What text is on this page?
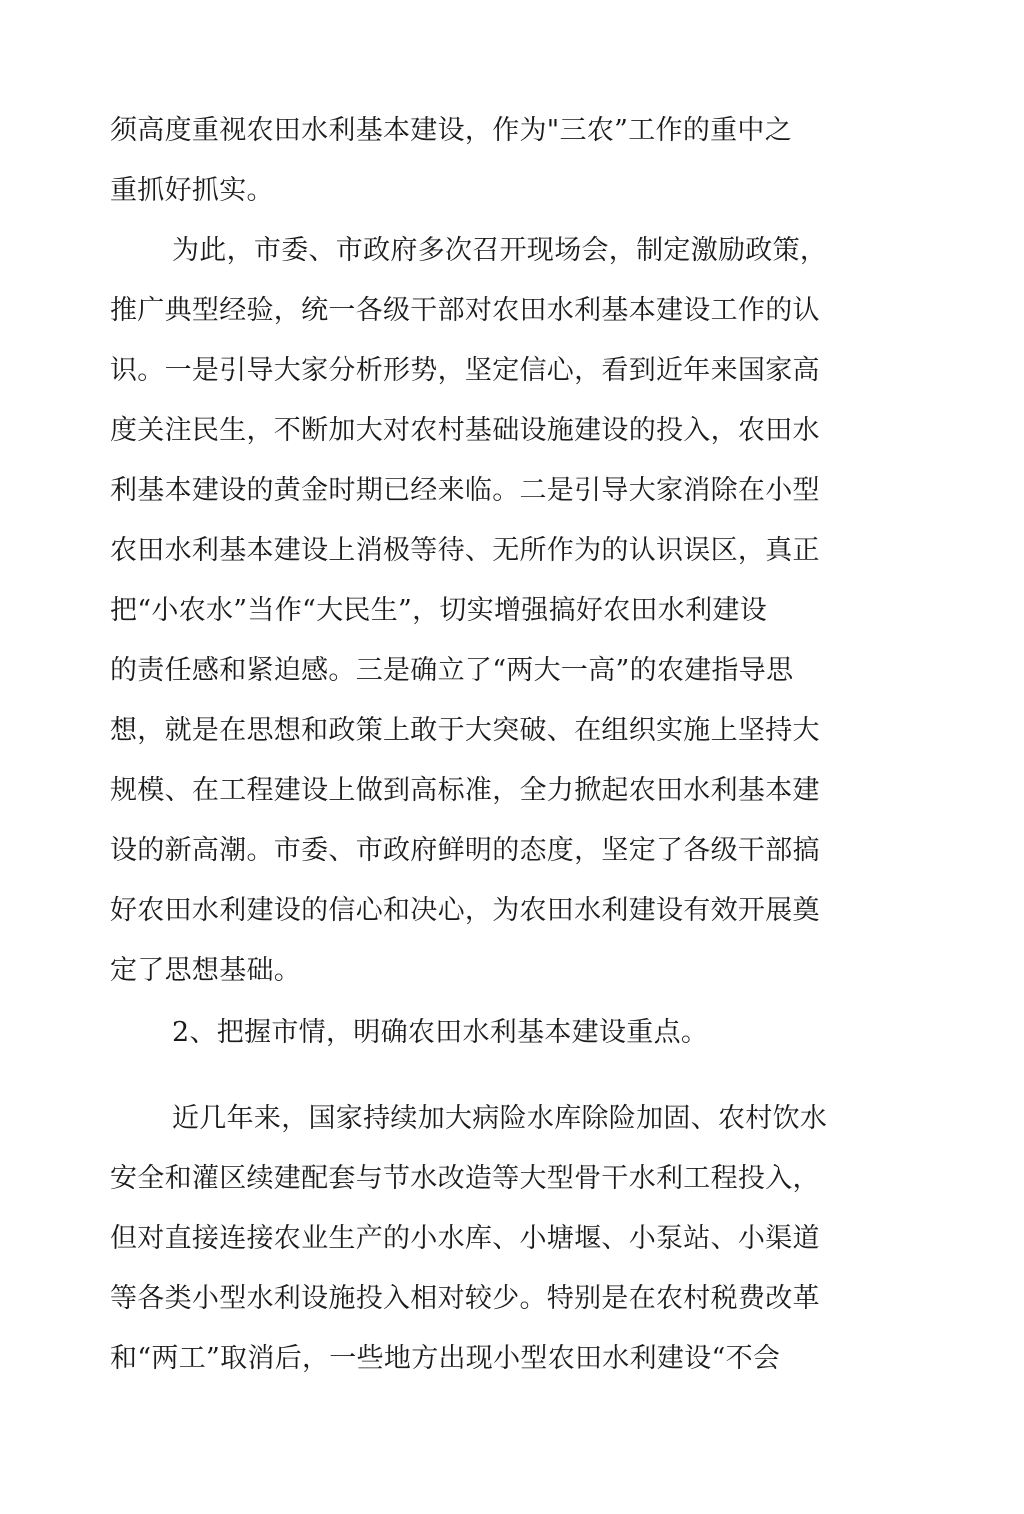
须高度重视农田水利基本建设，作为"三农”工作的重中之
重抓好抓实。
为此，市委、市政府多次召开现场会，制定激励政策，
推广典型经验，统一各级干部对农田水利基本建设工作的认
识。一是引导大家分析形势，坚定信心，看到近年来国家高
度关注民生，不断加大对农村基础设施建设的投入，农田水
利基本建设的黄金时期已经来临。二是引导大家消除在小型
农田水利基本建设上消极等待、无所作为的认识误区，真正
把“小农水”当作“大民生”，切实增强搞好农田水利建设
的责任感和紧迫感。三是确立了“两大一高”的农建指导思
想，就是在思想和政策上敢于大突破、在组织实施上坚持大
规模、在工程建设上做到高标准，全力掀起农田水利基本建
设的新高潮。市委、市政府鲜明的态度，坚定了各级干部搞
好农田水利建设的信心和决心，为农田水利建设有效开展奠
定了思想基础。
2、把握市情，明确农田水利基本建设重点。
近几年来，国家持续加大病险水库除险加固、农村饮水
安全和灌区续建配套与节水改造等大型骨干水利工程投入，
但对直接连接农业生产的小水库、小塘堰、小泵站、小渠道
等各类小型水利设施投入相对较少。特别是在农村税费改革
和“两工”取消后，一些地方出现小型农田水利建设“不会
